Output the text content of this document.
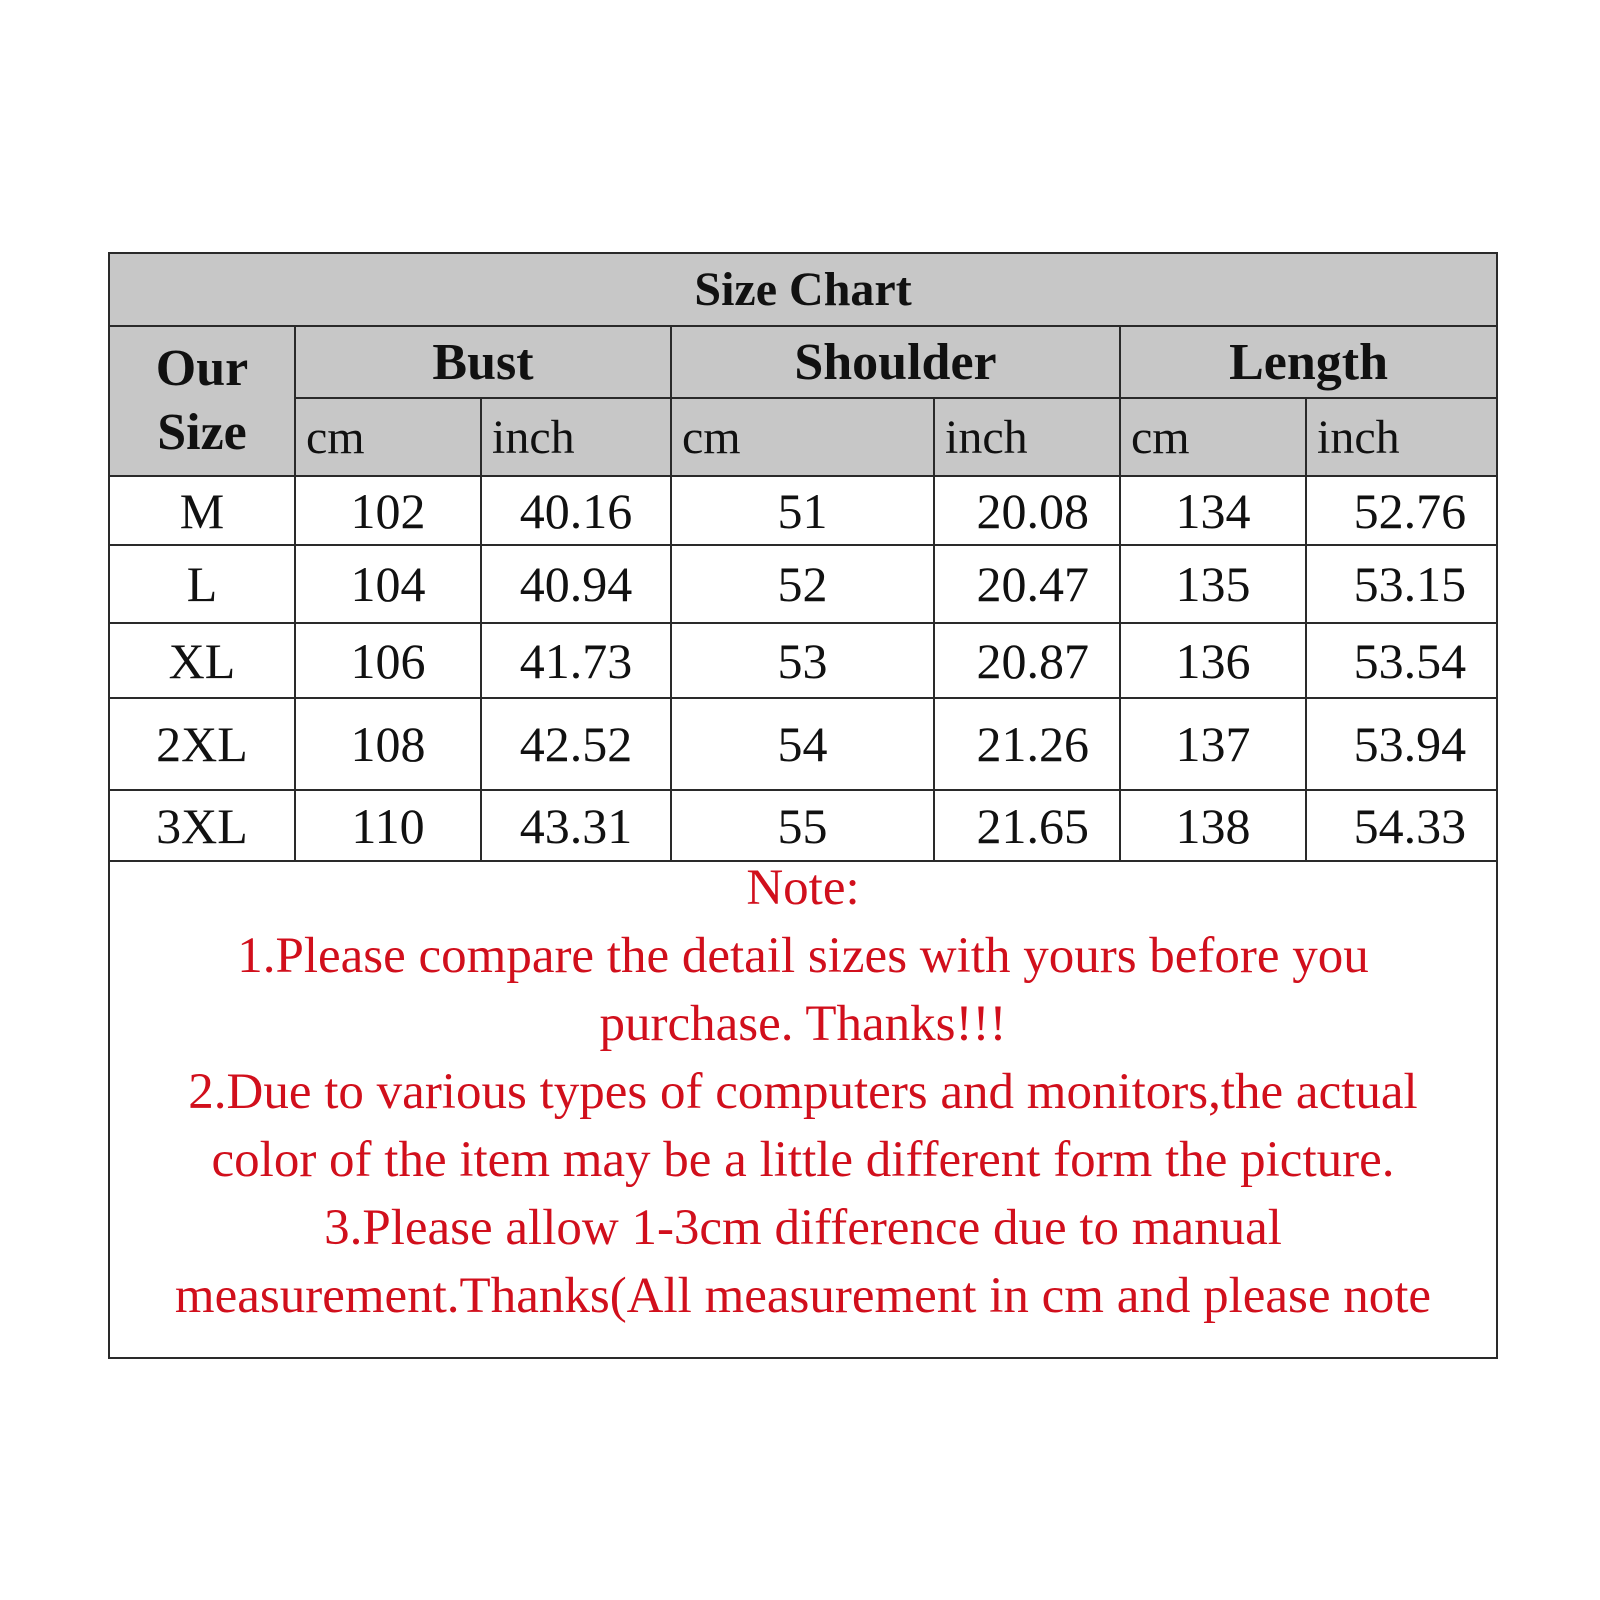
Size Chart						

Our
Size	Bust		Shoulder		Length	
	cm	inch	cm	inch	cm	inch
M	102	40.16	51	20.08	134	52.76
L	104	40.94	52	20.47	135	53.15
XL	106	41.73	53	20.87	136	53.54
2XL	108	42.52	54	21.26	137	53.94
3XL	110	43.31	55	21.65	138	54.33
Note:
1.Please compare the detail sizes with yours before you
purchase. Thanks!!!
2.Due to various types of computers and monitors,the actual
color of the item may be a little different form the picture.
3.Please allow 1-3cm difference due to manual
measurement.Thanks(All measurement in cm and please note
